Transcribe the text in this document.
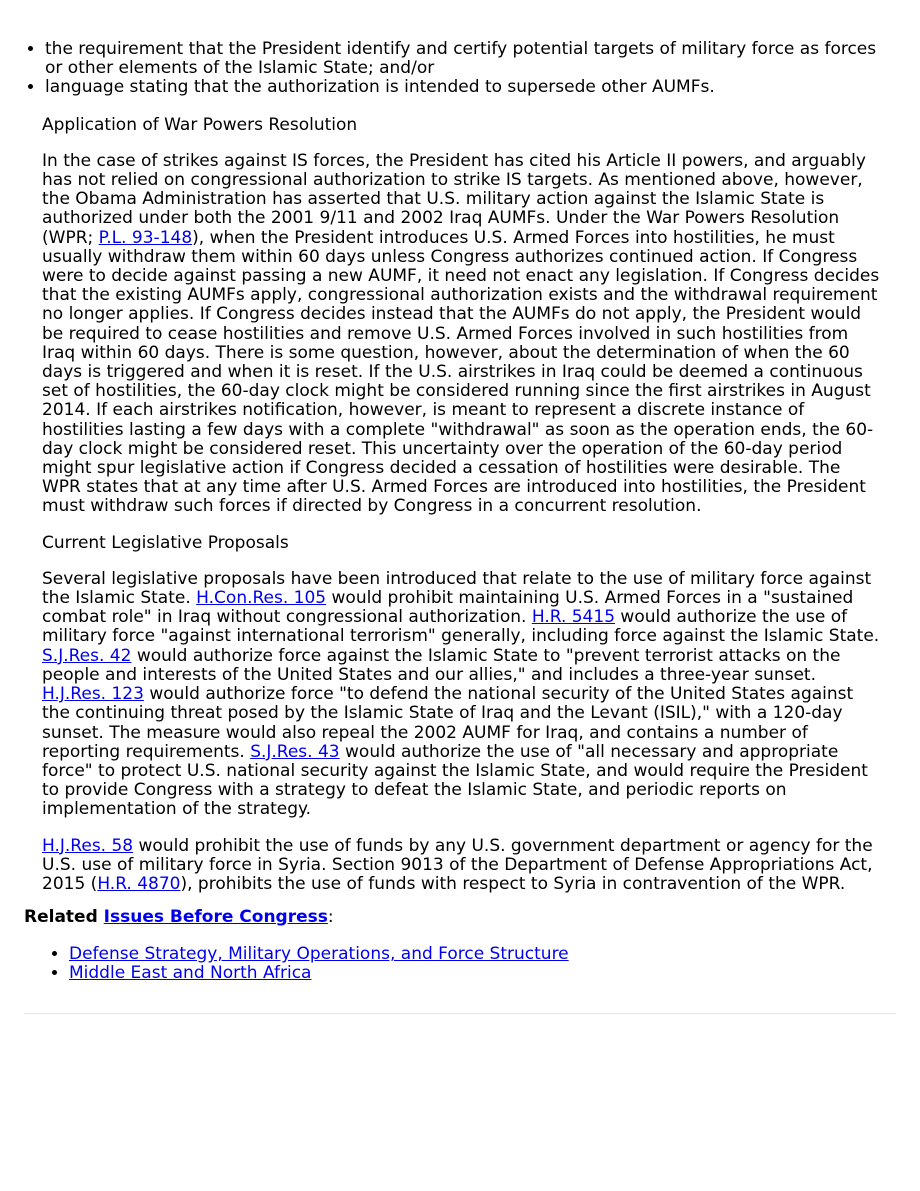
• the requirement that the President identify and certify potential targets of military force as forces or other elements of the Islamic State; and/or
• language stating that the authorization is intended to supersede other AUMFs.

Application of War Powers Resolution

In the case of strikes against IS forces, the President has cited his Article II powers, and arguably has not relied on congressional authorization to strike IS targets. As mentioned above, however, the Obama Administration has asserted that U.S. military action against the Islamic State is authorized under both the 2001 9/11 and 2002 Iraq AUMFs. Under the War Powers Resolution (WPR; P.L. 93-148), when the President introduces U.S. Armed Forces into hostilities, he must usually withdraw them within 60 days unless Congress authorizes continued action. If Congress were to decide against passing a new AUMF, it need not enact any legislation. If Congress decides that the existing AUMFs apply, congressional authorization exists and the withdrawal requirement no longer applies. If Congress decides instead that the AUMFs do not apply, the President would be required to cease hostilities and remove U.S. Armed Forces involved in such hostilities from Iraq within 60 days. There is some question, however, about the determination of when the 60 days is triggered and when it is reset. If the U.S. airstrikes in Iraq could be deemed a continuous set of hostilities, the 60-day clock might be considered running since the first airstrikes in August 2014. If each airstrikes notification, however, is meant to represent a discrete instance of hostilities lasting a few days with a complete "withdrawal" as soon as the operation ends, the 60-day clock might be considered reset. This uncertainty over the operation of the 60-day period might spur legislative action if Congress decided a cessation of hostilities were desirable. The WPR states that at any time after U.S. Armed Forces are introduced into hostilities, the President must withdraw such forces if directed by Congress in a concurrent resolution.

Current Legislative Proposals

Several legislative proposals have been introduced that relate to the use of military force against the Islamic State. H.Con.Res. 105 would prohibit maintaining U.S. Armed Forces in a "sustained combat role" in Iraq without congressional authorization. H.R. 5415 would authorize the use of military force "against international terrorism" generally, including force against the Islamic State. S.J.Res. 42 would authorize force against the Islamic State to "prevent terrorist attacks on the people and interests of the United States and our allies," and includes a three-year sunset. H.J.Res. 123 would authorize force "to defend the national security of the United States against the continuing threat posed by the Islamic State of Iraq and the Levant (ISIL)," with a 120-day sunset. The measure would also repeal the 2002 AUMF for Iraq, and contains a number of reporting requirements. S.J.Res. 43 would authorize the use of "all necessary and appropriate force" to protect U.S. national security against the Islamic State, and would require the President to provide Congress with a strategy to defeat the Islamic State, and periodic reports on implementation of the strategy.

H.J.Res. 58 would prohibit the use of funds by any U.S. government department or agency for the U.S. use of military force in Syria. Section 9013 of the Department of Defense Appropriations Act, 2015 (H.R. 4870), prohibits the use of funds with respect to Syria in contravention of the WPR.

Related Issues Before Congress:
• Defense Strategy, Military Operations, and Force Structure
• Middle East and North Africa
